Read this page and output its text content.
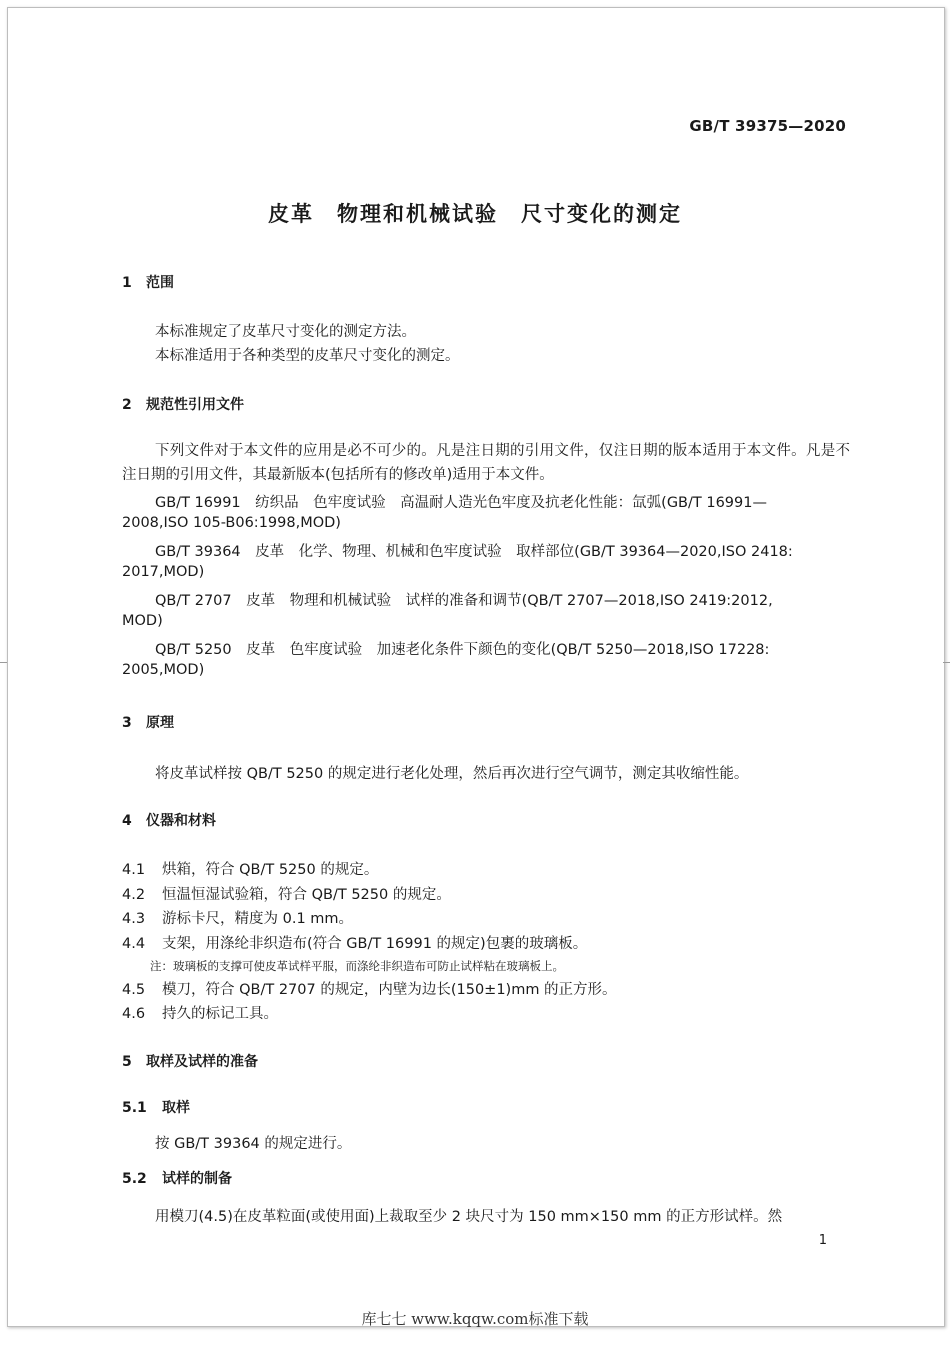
GB/T 39375—2020
皮革　物理和机械试验　尺寸变化的测定
1 范围
本标准规定了皮革尺寸变化的测定方法。
本标准适用于各种类型的皮革尺寸变化的测定。
2 规范性引用文件
下列文件对于本文件的应用是必不可少的。凡是注日期的引用文件，仅注日期的版本适用于本文件。凡是不注日期的引用文件，其最新版本(包括所有的修改单)适用于本文件。
GB/T 16991　纺织品　色牢度试验　高温耐人造光色牢度及抗老化性能：氙弧(GB/T 16991—
2008,ISO 105-B06:1998,MOD)
GB/T 39364　皮革　化学、物理、机械和色牢度试验　取样部位(GB/T 39364—2020,ISO 2418:
2017,MOD)
QB/T 2707　皮革　物理和机械试验　试样的准备和调节(QB/T 2707—2018,ISO 2419:2012,
MOD)
QB/T 5250　皮革　色牢度试验　加速老化条件下颜色的变化(QB/T 5250—2018,ISO 17228:
2005,MOD)
3 原理
将皮革试样按 QB/T 5250 的规定进行老化处理，然后再次进行空气调节，测定其收缩性能。
4 仪器和材料
4.1 烘箱，符合 QB/T 5250 的规定。
4.2 恒温恒湿试验箱，符合 QB/T 5250 的规定。
4.3 游标卡尺，精度为 0.1 mm。
4.4 支架，用涤纶非织造布(符合 GB/T 16991 的规定)包裹的玻璃板。
注：玻璃板的支撑可使皮革试样平服，而涤纶非织造布可防止试样粘在玻璃板上。
4.5 模刀，符合 QB/T 2707 的规定，内壁为边长(150±1)mm 的正方形。
4.6 持久的标记工具。
5 取样及试样的准备
5.1 取样
按 GB/T 39364 的规定进行。
5.2 试样的制备
用模刀(4.5)在皮革粒面(或使用面)上裁取至少 2 块尺寸为 150 mm×150 mm 的正方形试样。然
1
库七七 www.kqqw.com标准下载
